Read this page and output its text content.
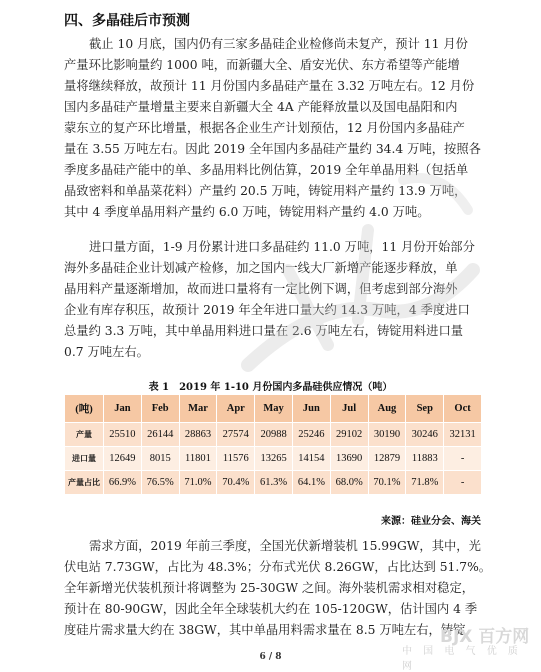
四、多晶硅后市预测
截止 10 月底，国内仍有三家多晶硅企业检修尚未复产，预计 11 月份
产量环比影响量约 1000 吨，而新疆大全、盾安光伏、东方希望等产能增
量将继续释放，故预计 11 月份国内多晶硅产量在 3.32 万吨左右。12 月份
国内多晶硅产量增量主要来自新疆大全 4A 产能释放量以及国电晶阳和内
蒙东立的复产环比增量，根据各企业生产计划预估，12 月份国内多晶硅产
量在 3.55 万吨左右。因此 2019 全年国内多晶硅产量约 34.4 万吨，按照各
季度多晶硅产能中的单、多晶用料比例估算，2019 全年单晶用料（包括单
晶致密料和单晶菜花料）产量约 20.5 万吨，铸锭用料产量约 13.9 万吨，
其中 4 季度单晶用料产量约 6.0 万吨，铸锭用料产量约 4.0 万吨。
进口量方面，1-9 月份累计进口多晶硅约 11.0 万吨，11 月份开始部分
海外多晶硅企业计划减产检修，加之国内一线大厂新增产能逐步释放，单
晶用料产量逐渐增加，故而进口量将有一定比例下调，但考虑到部分海外
企业有库存积压，故预计 2019 年全年进口量大约 14.3 万吨，4 季度进口
总量约 3.3 万吨，其中单晶用料进口量在 2.6 万吨左右，铸锭用料进口量
0.7 万吨左右。
表 1　2019 年 1-10 月份国内多晶硅供应情况（吨）
(吨)	Jan	Feb	Mar	Apr	May	Jun	Jul	Aug	Sep	Oct
产量	25510	26144	28863	27574	20988	25246	29102	30190	30246	32131
进口量	12649	8015	11801	11576	13265	14154	13690	12879	11883	-
产量占比	66.9%	76.5%	71.0%	70.4%	61.3%	64.1%	68.0%	70.1%	71.8%	-
来源：硅业分会、海关
需求方面，2019 年前三季度，全国光伏新增装机 15.99GW，其中，光
伏电站 7.73GW，占比为 48.3%；分布式光伏 8.26GW，占比达到 51.7%。
全年新增光伏装机预计将调整为 25-30GW 之间。海外装机需求相对稳定，
预计在 80-90GW，因此全年全球装机大约在 105-120GW，估计国内 4 季
度硅片需求量大约在 38GW，其中单晶用料需求量在 8.5 万吨左右，铸锭
BJX 百方网
中 国 电 气 优 质 网
6 / 8
